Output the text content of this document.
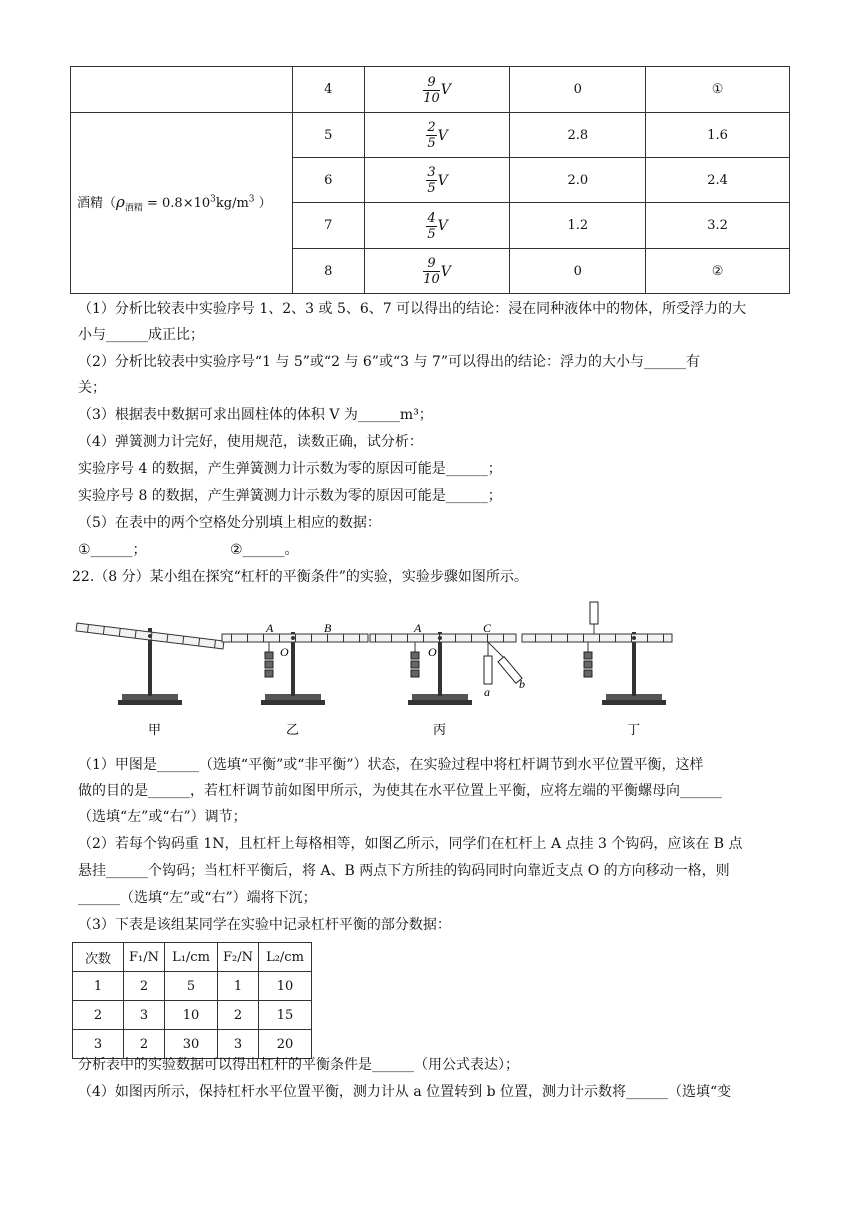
	4	$\frac{9}{10}$ V	0	①
酒精（$\rho_{酒精} = 0.8\times 10^3kg/m^3$ ）	5	$\frac{2}{5}$ V	2.8	1.6
	6	$\frac{3}{5}$ V	2.0	2.4
	7	$\frac{4}{5}$ V	1.2	3.2
	8	$\frac{9}{10}$ V	0	②
（1）分析比较表中实验序号 1、2、3 或 5、6、7 可以得出的结论：浸在同种液体中的物体，所受浮力的大
小与______成正比；
（2）分析比较表中实验序号“1 与 5”或“2 与 6”或“3 与 7”可以得出的结论：浮力的大小与______有
关；
（3）根据表中数据可求出圆柱体的体积 V 为______m³；
（4）弹簧测力计完好，使用规范，读数正确，试分析：
实验序号 4 的数据，产生弹簧测力计示数为零的原因可能是______；
实验序号 8 的数据，产生弹簧测力计示数为零的原因可能是______；
（5）在表中的两个空格处分别填上相应的数据：
①______；	②______。
22.（8 分）某小组在探究“杠杆的平衡条件”的实验，实验步骤如图所示。
A	B
O
A
O
C
a
b
甲	乙	丙	丁
（1）甲图是______（选填“平衡”或“非平衡”）状态，在实验过程中将杠杆调节到水平位置平衡，这样
做的目的是______，若杠杆调节前如图甲所示，为使其在水平位置上平衡，应将左端的平衡螺母向______
（选填“左”或“右”）调节；
（2）若每个钩码重 1N，且杠杆上每格相等，如图乙所示，同学们在杠杆上 A 点挂 3 个钩码，应该在 B 点
悬挂______个钩码；当杠杆平衡后，将 A、B 两点下方所挂的钩码同时向靠近支点 O 的方向移动一格，则
______（选填“左”或“右”）端将下沉；
（3）下表是该组某同学在实验中记录杠杆平衡的部分数据：
次数	F₁/N	L₁/cm	F₂/N	L₂/cm
1	2	5	1	10
2	3	10	2	15
3	2	30	3	20
分析表中的实验数据可以得出杠杆的平衡条件是______（用公式表达）；
（4）如图丙所示，保持杠杆水平位置平衡，测力计从 a 位置转到 b 位置，测力计示数将______（选填“变
